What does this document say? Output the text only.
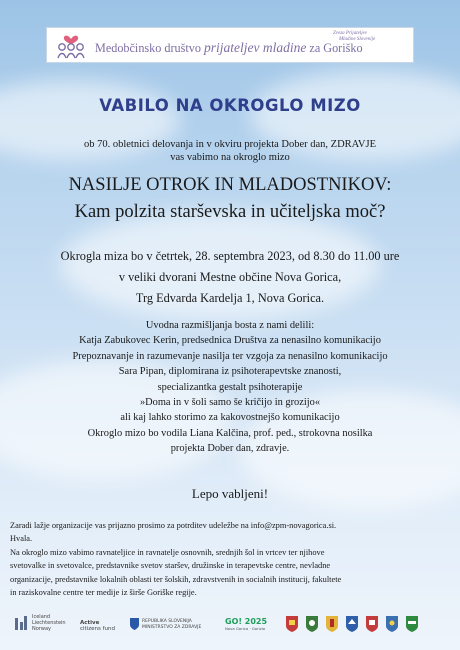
Medobčinsko društvo prijateljev mladine za Goriško
Zveza Prijateljev
Mladine Slovenije
VABILO NA OKROGLO MIZO
ob 70. obletnici delovanja in v okviru projekta Dober dan, ZDRAVJE
vas vabimo na okroglo mizo
NASILJE OTROK IN MLADOSTNIKOV:
Kam polzita starševska in učiteljska moč?
Okrogla miza bo v četrtek, 28. septembra 2023, od 8.30 do 11.00 ure
v veliki dvorani Mestne občine Nova Gorica,
Trg Edvarda Kardelja 1, Nova Gorica.
Uvodna razmišljanja bosta z nami delili:
Katja Zabukovec Kerin, predsednica Društva za nenasilno komunikacijo
Prepoznavanje in razumevanje nasilja ter vzgoja za nenasilno komunikacijo
Sara Pipan, diplomirana iz psihoterapevtske znanosti,
specializantka gestalt psihoterapije
»Doma in v šoli samo še kričijo in grozijo«
ali kaj lahko storimo za kakovostnejšo komunikacijo
Okroglo mizo bo vodila Liana Kalčina, prof. ped., strokovna nosilka
projekta Dober dan, zdravje.
Lepo vabljeni!
Zaradi lažje organizacije vas prijazno prosimo za potrditev udeležbe na info@zpm-novagorica.si.
Hvala.
Na okroglo mizo vabimo ravnateljice in ravnatelje osnovnih, srednjih šol in vrtcev ter njihove
svetovalke in svetovalce, predstavnike svetov staršev, družinske in terapevtske centre, nevladne
organizacije, predstavnike lokalnih oblasti ter šolskih, zdravstvenih in socialnih institucij, fakultete
in raziskovalne centre ter medije iz širše Goriške regije.
Iceland
Liechtenstein
Norway
Active
citizens fund
REPUBLIKA SLOVENIJA
MINISTRSTVO ZA ZDRAVJE
GO! 2025
Nova Gorica · Gorizia
